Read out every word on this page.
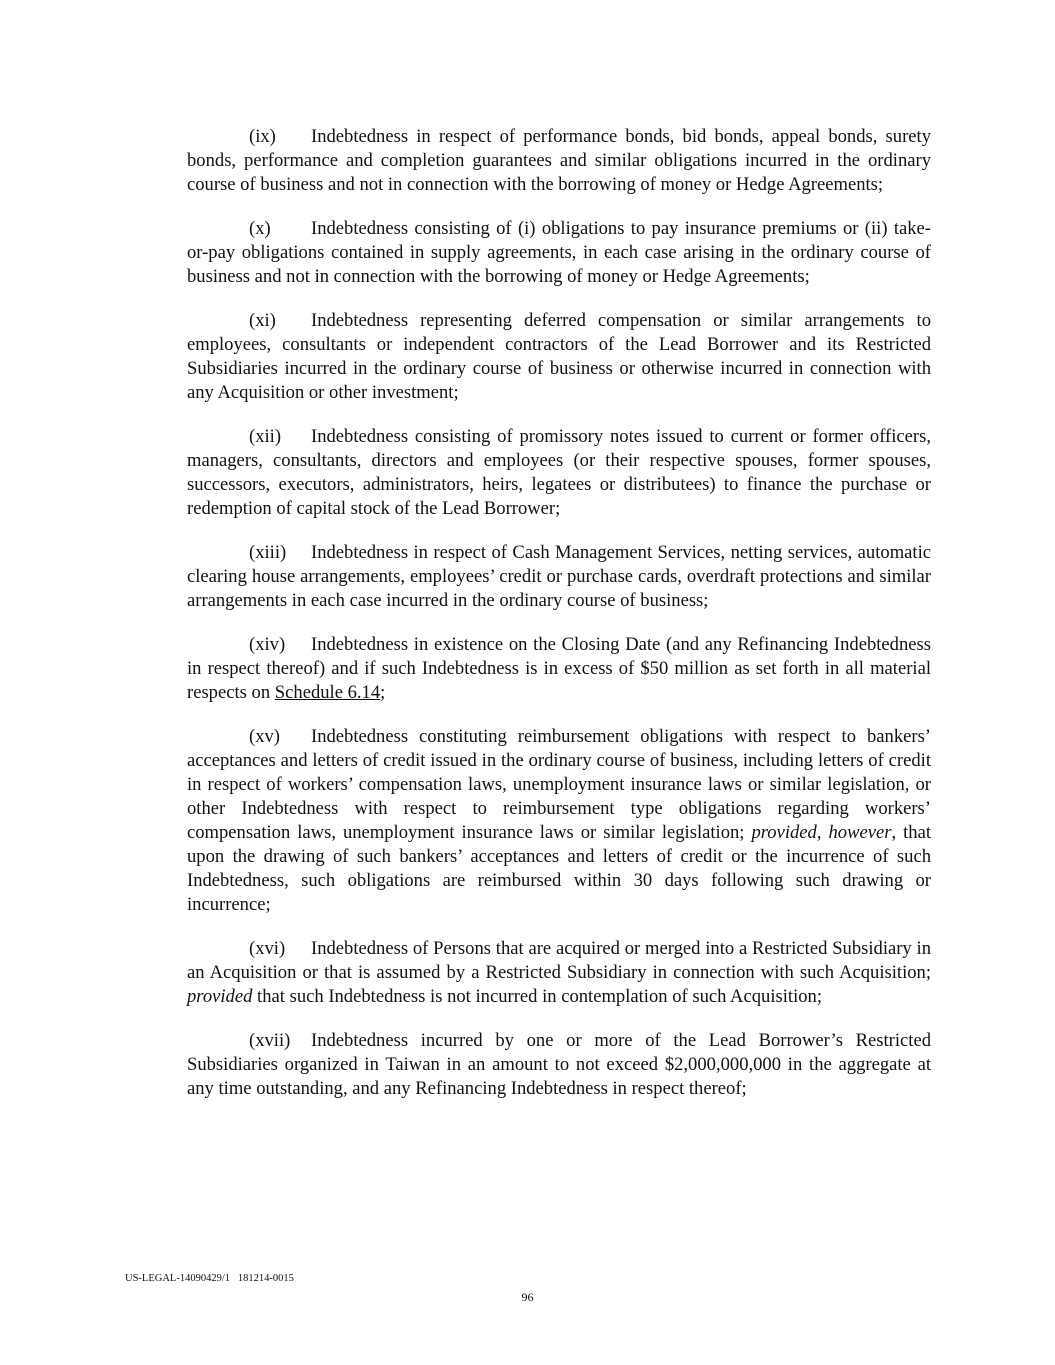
(ix) Indebtedness in respect of performance bonds, bid bonds, appeal bonds, surety bonds, performance and completion guarantees and similar obligations incurred in the ordinary course of business and not in connection with the borrowing of money or Hedge Agreements;

(x) Indebtedness consisting of (i) obligations to pay insurance premiums or (ii) take-or-pay obligations contained in supply agreements, in each case arising in the ordinary course of business and not in connection with the borrowing of money or Hedge Agreements;

(xi) Indebtedness representing deferred compensation or similar arrangements to employees, consultants or independent contractors of the Lead Borrower and its Restricted Subsidiaries incurred in the ordinary course of business or otherwise incurred in connection with any Acquisition or other investment;

(xii) Indebtedness consisting of promissory notes issued to current or former officers, managers, consultants, directors and employees (or their respective spouses, former spouses, successors, executors, administrators, heirs, legatees or distributees) to finance the purchase or redemption of capital stock of the Lead Borrower;

(xiii) Indebtedness in respect of Cash Management Services, netting services, automatic clearing house arrangements, employees’ credit or purchase cards, overdraft protections and similar arrangements in each case incurred in the ordinary course of business;

(xiv) Indebtedness in existence on the Closing Date (and any Refinancing Indebtedness in respect thereof) and if such Indebtedness is in excess of $50 million as set forth in all material respects on Schedule 6.14;

(xv) Indebtedness constituting reimbursement obligations with respect to bankers’ acceptances and letters of credit issued in the ordinary course of business, including letters of credit in respect of workers’ compensation laws, unemployment insurance laws or similar legislation, or other Indebtedness with respect to reimbursement type obligations regarding workers’ compensation laws, unemployment insurance laws or similar legislation; provided, however, that upon the drawing of such bankers’ acceptances and letters of credit or the incurrence of such Indebtedness, such obligations are reimbursed within 30 days following such drawing or incurrence;

(xvi) Indebtedness of Persons that are acquired or merged into a Restricted Subsidiary in an Acquisition or that is assumed by a Restricted Subsidiary in connection with such Acquisition; provided that such Indebtedness is not incurred in contemplation of such Acquisition;

(xvii) Indebtedness incurred by one or more of the Lead Borrower’s Restricted Subsidiaries organized in Taiwan in an amount to not exceed $2,000,000,000 in the aggregate at any time outstanding, and any Refinancing Indebtedness in respect thereof;

US-LEGAL-14090429/1   181214-0015
96
